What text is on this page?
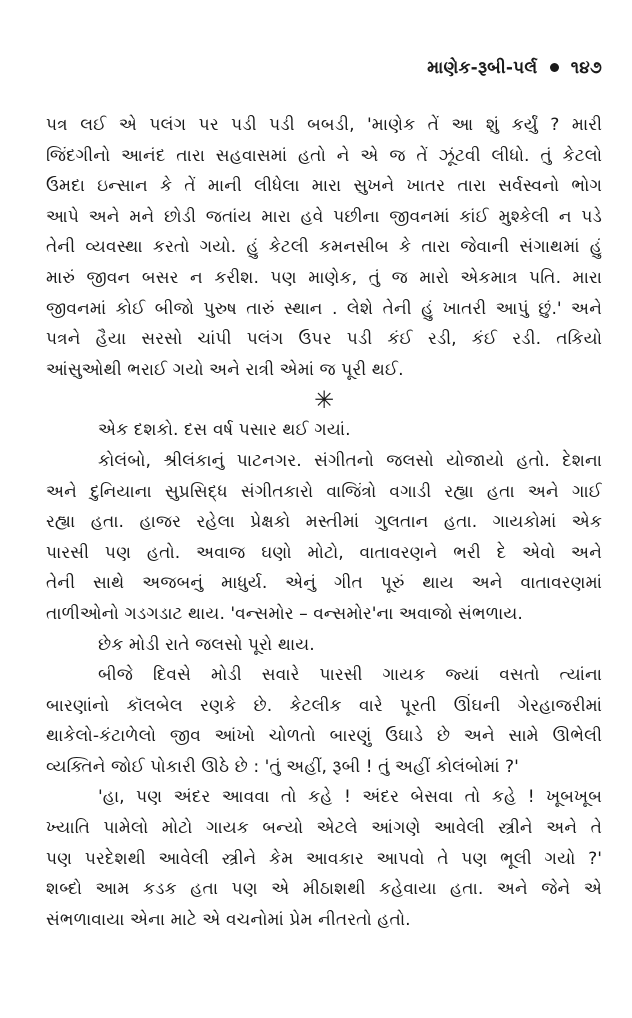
માણેક-રૂબી-પર્લ ૧૪૭
પત્ર લઈ એ પલંગ પર પડી પડી બબડી, 'માણેક તેં આ શું કર્યું ? મારી
જિંદગીનો આનંદ તારા સહવાસમાં હતો ને એ જ તેં ઝૂંટવી લીધો. તું કેટલો
ઉમદા ઇન્સાન કે તેં માની લીધેલા મારા સુખને ખાતર તારા સર્વસ્વનો ભોગ
આપે અને મને છોડી જતાંય મારા હવે પછીના જીવનમાં કાંઈ મુશ્કેલી ન પડે
તેની વ્યવસ્થા કરતો ગયો. હું કેટલી કમનસીબ કે તારા જેવાની સંગાથમાં હું
મારું જીવન બસર ન કરીશ. પણ માણેક, તું જ મારો એકમાત્ર પતિ. મારા
જીવનમાં કોઈ બીજો પુરુષ તારું સ્થાન . લેશે તેની હું ખાતરી આપું છું.' અને
પત્રને હૈયા સરસો ચાંપી પલંગ ઉપર પડી કંઈ રડી, કંઈ રડી. તકિયો
આંસુઓથી ભરાઈ ગયો અને રાત્રી એમાં જ પૂરી થઈ.
✳
એક દશકો. દસ વર્ષ પસાર થઈ ગયાં.
કોલંબો, શ્રીલંકાનું પાટનગર. સંગીતનો જલસો યોજાયો હતો. દેશના
અને દુનિયાના સુપ્રસિદ્ધ સંગીતકારો વાજિંત્રો વગાડી રહ્યા હતા અને ગાઈ
રહ્યા હતા. હાજર રહેલા પ્રેક્ષકો મસ્તીમાં ગુલતાન હતા. ગાયકોમાં એક
પારસી પણ હતો. અવાજ ઘણો મોટો, વાતાવરણને ભરી દે એવો અને
તેની સાથે અજબનું માધુર્ય. એનું ગીત પૂરું થાય અને વાતાવરણમાં
તાળીઓનો ગડગડાટ થાય. 'વન્સમોર – વન્સમોર'ના અવાજો સંભળાય.
છેક મોડી રાતે જલસો પૂરો થાય.
બીજે દિવસે મોડી સવારે પારસી ગાયક જ્યાં વસતો ત્યાંના
બારણાંનો કૉલબેલ રણકે છે. કેટલીક વારે પૂરતી ઊંઘની ગેરહાજરીમાં
થાકેલો-કંટાળેલો જીવ આંખો ચોળતો બારણું ઉઘાડે છે અને સામે ઊભેલી
વ્યક્તિને જોઈ પોકારી ઊઠે છે : 'તું અહીં, રૂબી ! તું અહીં કોલંબોમાં ?'
'હા, પણ અંદર આવવા તો કહે ! અંદર બેસવા તો કહે ! ખૂબખૂબ
ખ્યાતિ પામેલો મોટો ગાયક બન્યો એટલે આંગણે આવેલી સ્ત્રીને અને તે
પણ પરદેશથી આવેલી સ્ત્રીને કેમ આવકાર આપવો તે પણ ભૂલી ગયો ?'
શબ્દો આમ કડક હતા પણ એ મીઠાશથી કહેવાયા હતા. અને જેને એ
સંભળાવાયા એના માટે એ વચનોમાં પ્રેમ નીતરતો હતો.
